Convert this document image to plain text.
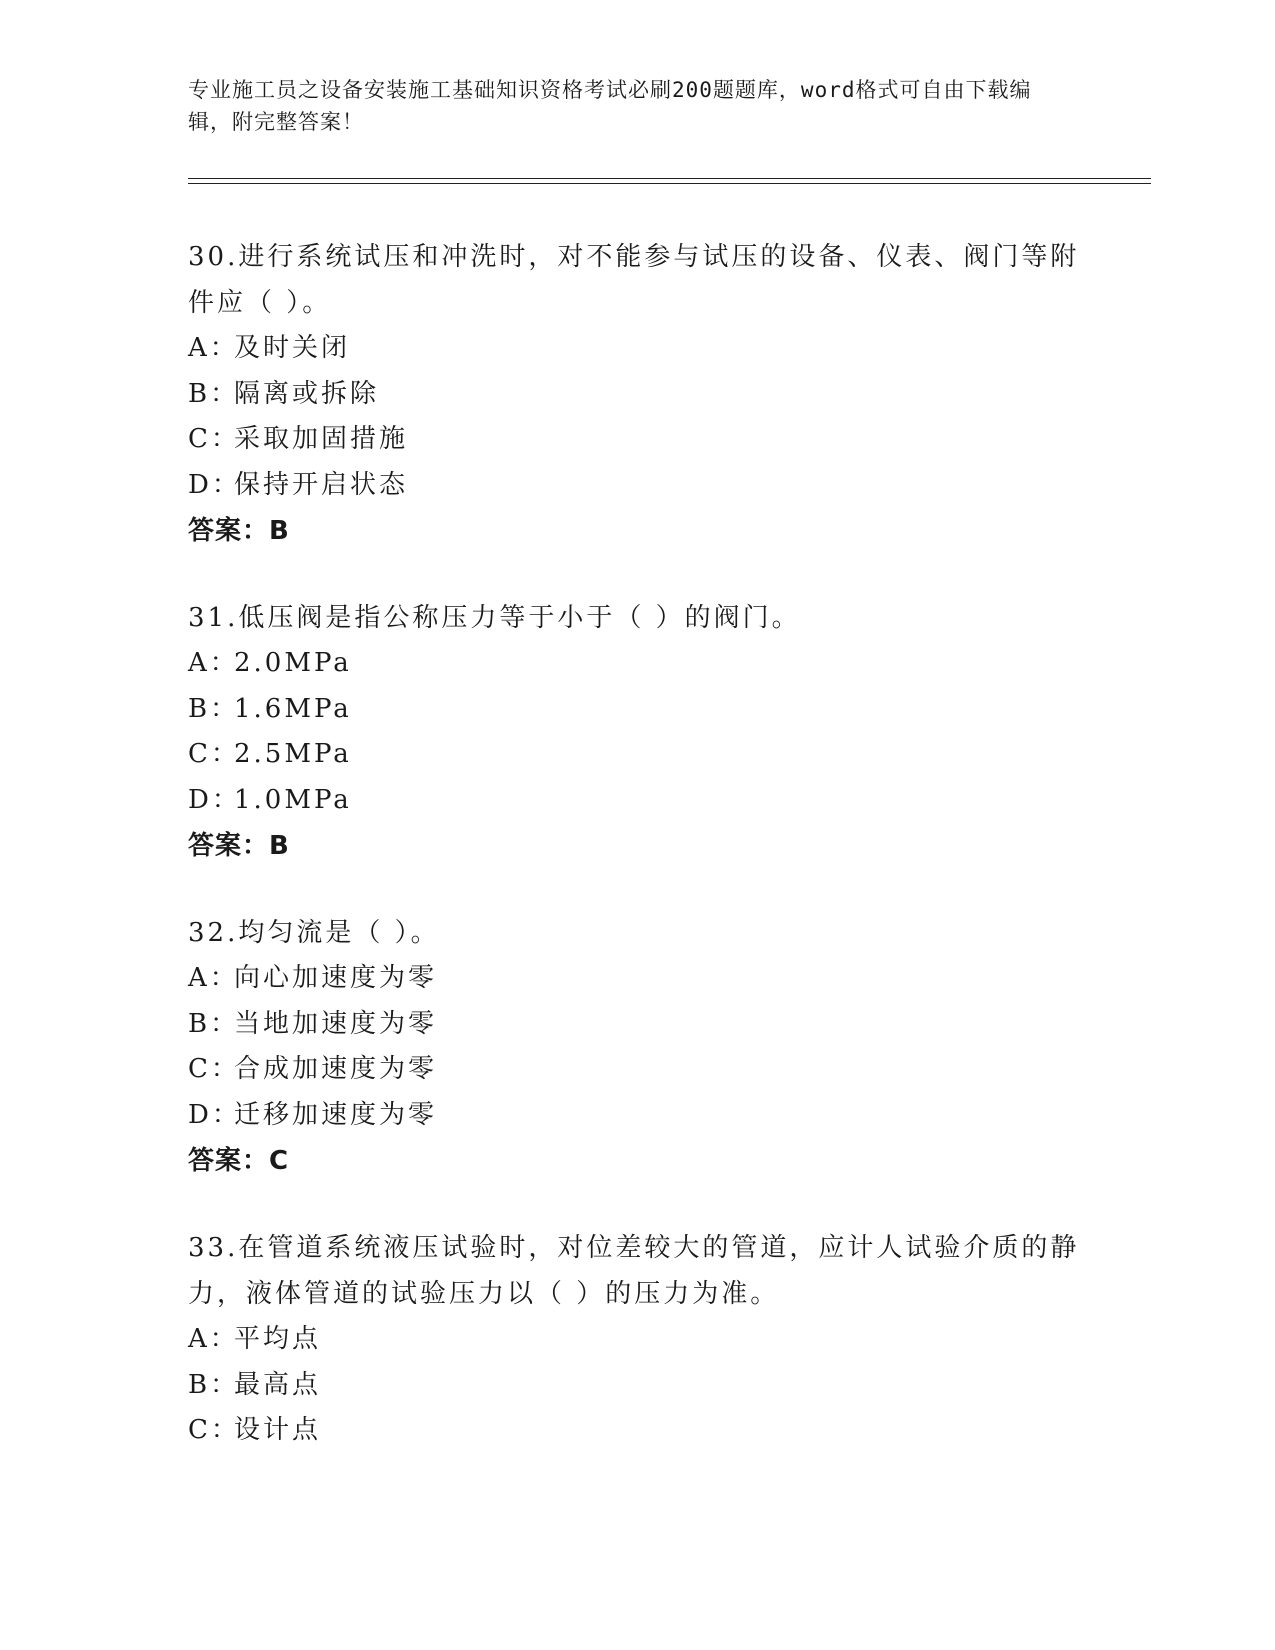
专业施工员之设备安装施工基础知识资格考试必刷200题题库，word格式可自由下载编辑，附完整答案！
30.进行系统试压和冲洗时，对不能参与试压的设备、仪表、阀门等附件应（ ）。
A：及时关闭
B：隔离或拆除
C：采取加固措施
D：保持开启状态
答案：B
31.低压阀是指公称压力等于小于（ ）的阀门。
A：2.0MPa
B：1.6MPa
C：2.5MPa
D：1.0MPa
答案：B
32.均匀流是（ ）。
A：向心加速度为零
B：当地加速度为零
C：合成加速度为零
D：迁移加速度为零
答案：C
33.在管道系统液压试验时，对位差较大的管道，应计人试验介质的静力，液体管道的试验压力以（ ）的压力为准。
A：平均点
B：最高点
C：设计点
